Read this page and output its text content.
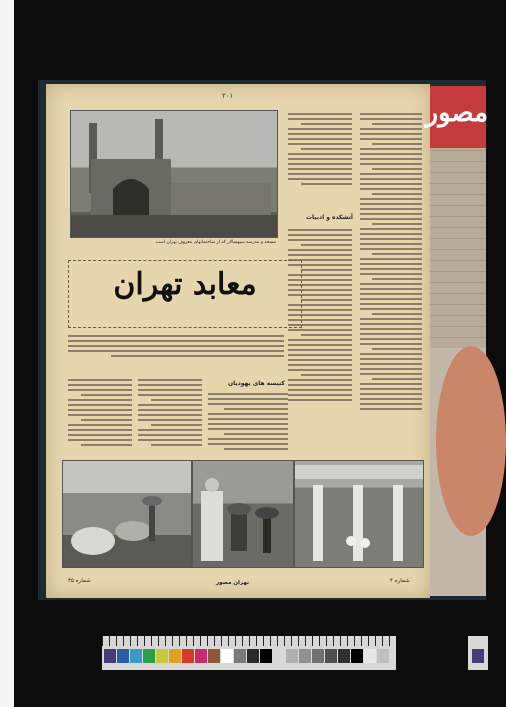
۲۰۱
مسجد و مدرسه سپهسالار که از ساختمانهای معروف تهران است
معابد تهران
آتشکده و ادبیات
کنیسه های یهودیان
شماره ۳۵	تهران مصور	شماره ۴
مصور
